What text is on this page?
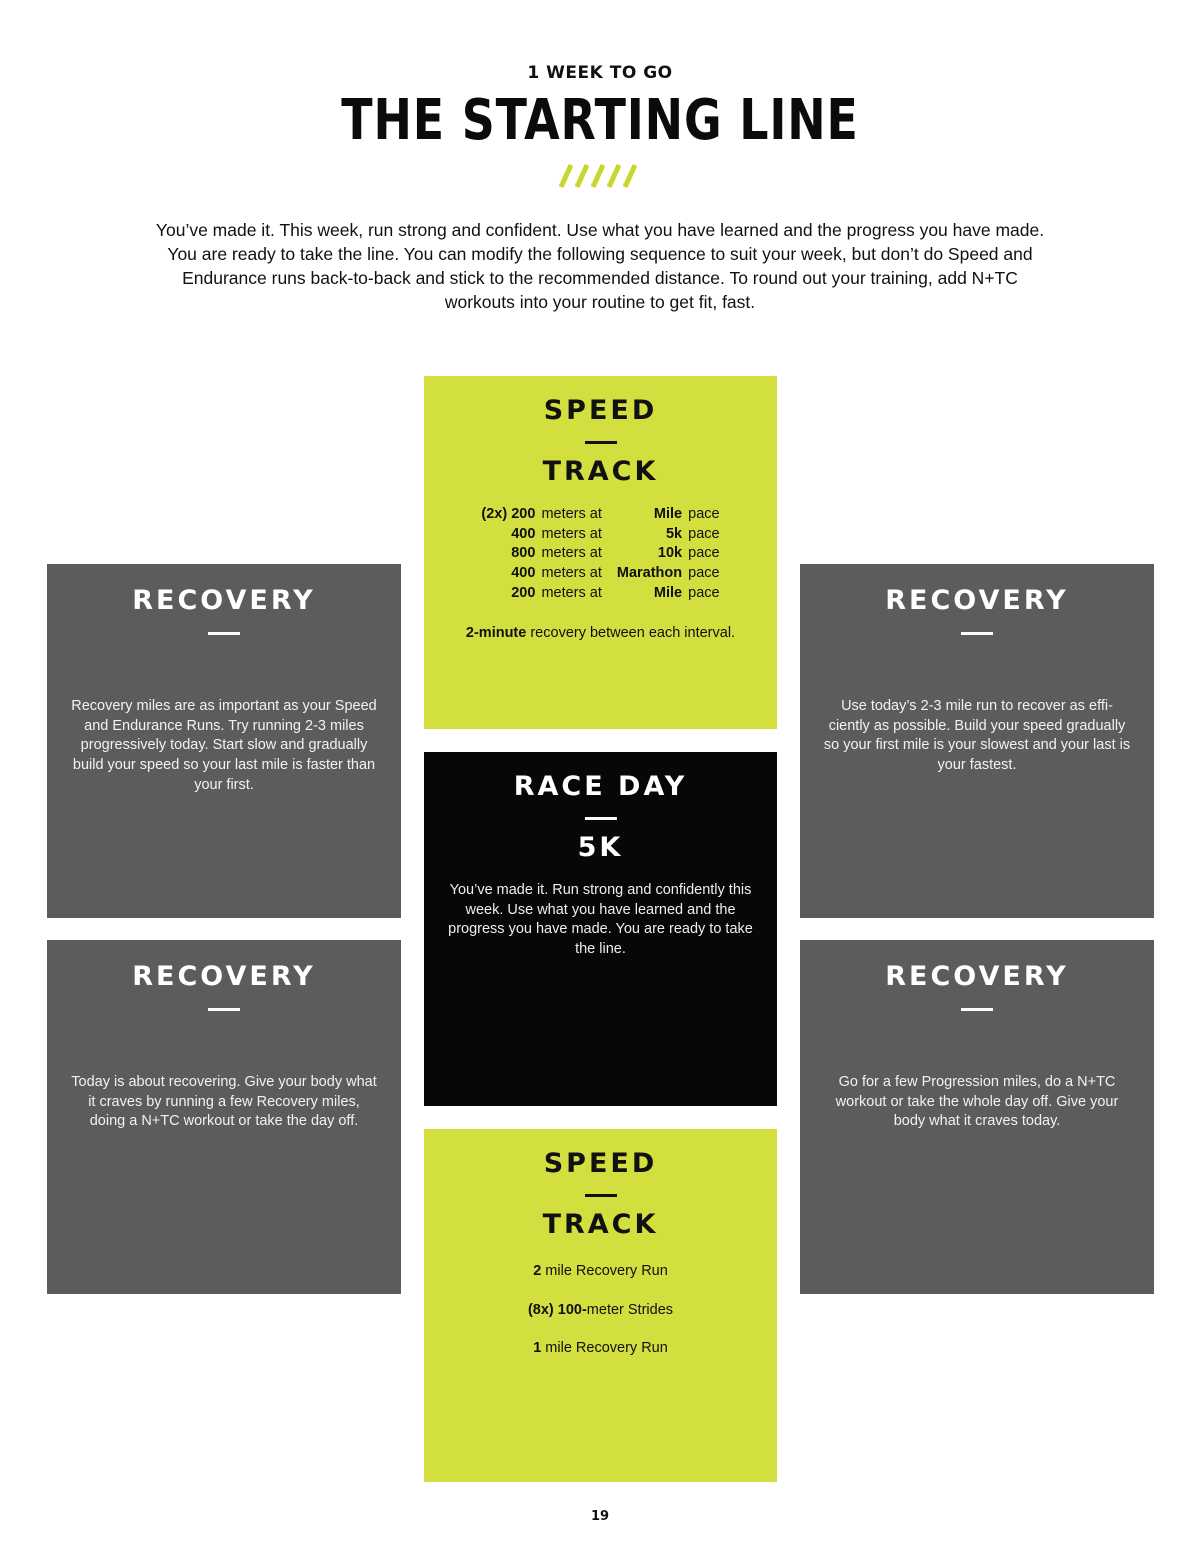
1 WEEK TO GO
THE STARTING LINE
You’ve made it. This week, run strong and confident. Use what you have learned and the progress you have made. You are ready to take the line. You can modify the following sequence to suit your week, but don’t do Speed and Endurance runs back-to-back and stick to the recommended distance. To round out your training, add N+TC workouts into your routine to get fit, fast.
SPEED
TRACK
(2x) 200	meters at	Mile	pace
400	meters at	5k	pace
800	meters at	10k	pace
400	meters at	Marathon	pace
200	meters at	Mile	pace
2-minute recovery between each interval.
RECOVERY
Recovery miles are as important as your Speed and Endurance Runs. Try running 2-3 miles progressively today. Start slow and gradually build your speed so your last mile is faster than your first.
RECOVERY
Use today’s 2-3 mile run to recover as effi-ciently as possible. Build your speed gradually so your first mile is your slowest and your last is your fastest.
RACE DAY
5K
You’ve made it. Run strong and confidently this week. Use what you have learned and the progress you have made. You are ready to take the line.
RECOVERY
Today is about recovering. Give your body what it craves by running a few Recovery miles, doing a N+TC workout or take the day off.
RECOVERY
Go for a few Progression miles, do a N+TC workout or take the whole day off. Give your body what it craves today.
SPEED
TRACK
2 mile Recovery Run
(8x) 100-meter Strides
1 mile Recovery Run
19
